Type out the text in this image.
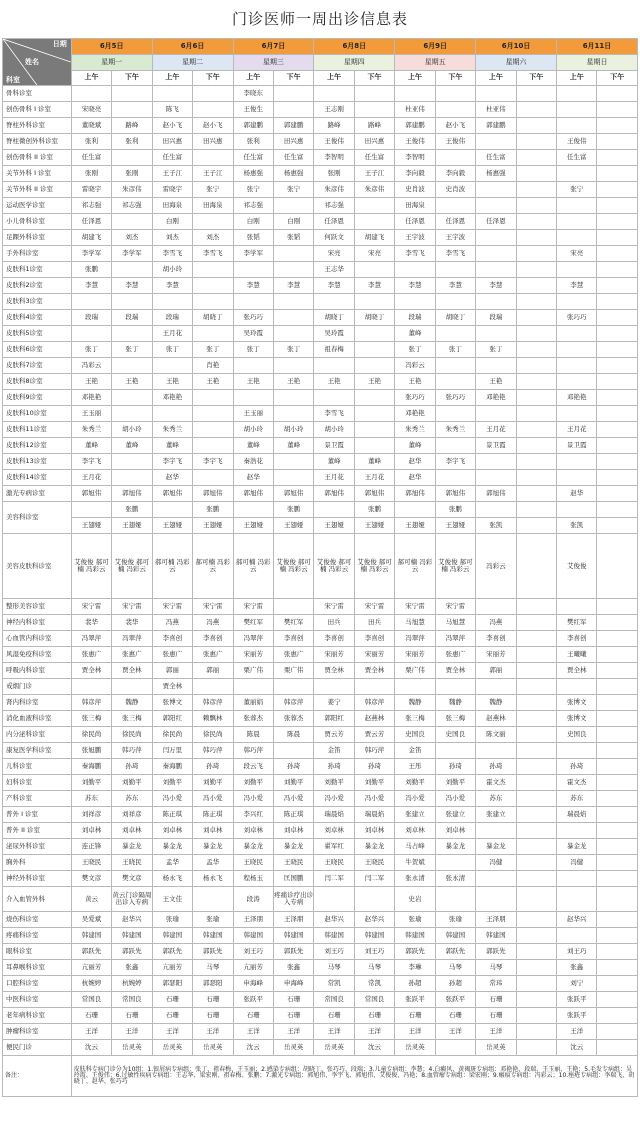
门诊医师一周出诊信息表
日期
姓名
科室	6月5日		6月6日		6月7日		6月8日		6月9日		6月10日		6月11日	
	星期一		星期二		星期三		星期四		星期五		星期六		星期日	
	上午	下午	上午	下午	上午	下午	上午	下午	上午	下午	上午	下午	上午	下午
骨科诊室					李晓东									
创伤骨科 I 诊室	宋晓亮		陈飞		王俊生		王志刚		杜亚伟		杜亚伟			
脊柱外科诊室	董晓斌	路峰	赵小飞	赵小飞	郭建鹏	郭建鹏	路峰	路峰	郭建鹏	赵小飞	郭建鹏			
脊柱微创外科诊室	张利	张利	田兴惠	田兴惠	张利	田兴惠	王俊伟	田兴惠	王俊伟	王俊伟			王俊伟	
创伤骨科 II 诊室	任生富		任生富		任生富	任生富	李智明	任生富	李智明		任生富		任生富	
关节外科 I 诊室	张刚	张刚	王子江	王子江	杨惠强	杨惠强	张刚	王子江	李向毅	李向毅	杨惠强			
关节外科 II 诊室	雷晓宇	朱彦伟	雷晓宇	张宁	张宁	张宁	朱彦伟	朱彦伟	史肖波	史肖波			张宁	
运动医学诊室	祁志强	祁志强	田海泉	田海泉	祁志强		祁志强		田海泉					
小儿骨科诊室	任泽恩		白刚		白刚	白刚	任泽恩		任泽恩	任泽恩	任泽恩			
足踝外科诊室	胡建飞	刘杰	刘杰	刘杰	张韬	张韬	何跃文	胡建飞	王宇波	王宇波				
手外科诊室	李学军	李学军	李雪飞	李雪飞	李学军		宋亮	宋亮	李雪飞	李雪飞			宋亮	
皮肤科1诊室	张鹏		胡小玲				王志华							
皮肤科2诊室	李慧	李慧	李慧		李慧	李慧	李慧	李慧	李慧	李慧	李慧		李慧	
皮肤科3诊室														
皮肤科4诊室	段瑞	段瑞	段瑞	胡晓丁	张巧巧		胡晓丁	胡晓丁	段瑞	胡晓丁	段瑞		张巧巧	
皮肤科5诊室			王月花		吴玲霞		吴玲霞		董峰					
皮肤科6诊室	张丁	张丁	张丁	张丁	张丁	张丁	祖春梅		张丁	张丁	张丁			
皮肤科7诊室	冯彩云			肖艳					冯彩云					
皮肤科8诊室	王艳	王艳	王艳	王艳	王艳	王艳	王艳	王艳	王艳		王艳			
皮肤科9诊室	邓艳艳		邓艳艳						张巧巧	张巧巧	邓艳艳		邓艳艳	
皮肤科10诊室	王玉丽				王玉丽		李雪飞		邓艳艳					
皮肤科11诊室	朱秀兰	胡小玲	朱秀兰		胡小玲	胡小玲	胡小玲		朱秀兰	朱秀兰	王月花		王月花	
皮肤科12诊室	董峰	董峰	董峰		董峰	董峰	景卫霞		董峰		景卫霞		景卫霞	
皮肤科13诊室	李宇飞		李宇飞	李宇飞	秦浩花		董峰	董峰	赵华	李宇飞				
皮肤科14诊室	王月花		赵华		赵华		王月花	王月花	赵华					
激光专病诊室	郭旭伟	郭旭伟	郭旭伟	郭旭伟	郭旭伟	郭旭伟	郭旭伟	郭旭伟	郭旭伟	郭旭伟	郭旭伟		赵华	
美容科诊室		张鹏		张鹏		张鹏		张鹏		张鹏				
	王翅娅	王翅娅	王翅娅	王翅娅	王翅娅	王翅娅	王翅娅	王翅娅	王翅娅	王翅娅	张凯		张凯	
美容皮肤科诊室	艾俊俊 郝可楠 冯彩云	艾俊俊 郝可楠 冯彩云	郝可楠 冯彩云	郝可楠 冯彩云	郝可楠 冯彩云	艾俊俊 郝可楠 冯彩云	艾俊俊 郝可楠 冯彩云	艾俊俊 郝可楠 冯彩云	郝可楠 冯彩云	艾俊俊 郝可楠 冯彩云	冯彩云		艾俊俊	
整形美容诊室	宋宁雷	宋宁雷	宋宁雷	宋宁雷	宋宁雷		宋宁雷	宋宁雷	宋宁雷	宋宁雷				
神经内科诊室	裴华	裴华	冯燕	冯燕	樊红军	樊红军	田兵	田兵	马旭慧	马旭慧	冯燕		樊红军	
心血管内科诊室	冯翠萍	冯翠萍	李喜创	李喜创	冯翠萍	李喜创	李喜创	李喜创	冯翠萍	冯翠萍	李喜创		李喜创	
风湿免疫科诊室	张惠广	张惠广	张惠广	张惠广	宋丽芳	张惠广	宋丽芳	宋丽芳	宋丽芳	张惠广	宋丽芳		王曦曦	
呼吸内科诊室	贾全林	贾全林	郭丽	郭丽	栗广伟	栗广伟	贾全林	贾全林	栗广伟	贾全林	郭丽		贾全林	
戒烟门诊			贾全林											
肾内科诊室	韩彦萍	魏静	张博文	韩彦萍	董丽娟	韩彦萍	姜宁	韩彦萍	魏静	魏静	魏静		张博文	
消化血液科诊室	张三梅	张三梅	郭阳红	赖飘林	张蓉杰	张蓉杰	郭阳红	赵燕林	张三梅	张三梅	赵燕林		张博文	
内分泌科诊室	徐民尚	徐民尚	徐民尚	徐民尚	陈晨	陈晨	贾云芳	贾云芳	史国良	史国良	陈文丽		史国良	
康复医学科诊室	张旭鹏	韩巧萍	闫万里	韩巧萍	韩巧萍		金笛	韩巧萍	金笛					
儿科诊室	秦海鹏	孙琦	秦海鹏	孙琦	段云飞	孙琦	孙琦	孙琦	王彤	孙琦	孙琦		孙琦	
妇科诊室	刘勤平	刘勤平	刘勤平	刘勤平	刘勤平	刘勤平	刘勤平	刘勤平	刘勤平	刘勤平	霍文杰		霍文杰	
产科诊室	苏东	苏东	冯小爱	冯小爱	冯小爱	冯小爱	冯小爱	冯小爱	冯小爱	冯小爱	苏东		苏东	
普外 I 诊室	刘祥彦	刘祥彦	陈正琪	陈正琪	李兴红	陈正琪	瑞晨焰	瑞晨焰	张建立	张建立	张建立		瑞晨焰	
普外 II 诊室	刘卓林	刘卓林	刘卓林	刘卓林	刘卓林	刘卓林	刘卓林	刘卓林	刘卓林	刘卓林				
泌尿外科诊室	连正锋	暴金龙	暴金龙	暴金龙	暴金龙	暴金龙	翟军红	暴金龙	马占峰	暴金龙	暴金龙		暴金龙	
胸外科	王晓民	王晓民	孟华	孟华	王晓民	王晓民	王晓民	王晓民	牛贺斌		冯健		冯健	
神经外科诊室	樊文彦	樊文彦	杨永飞	杨永飞	程杨玉	匡国鹏	闫二军	闫二军	张永清	张永清				
介入血管外科	黄云	黄云门诊隔周出诊入专病	王文佳		段涛	疼痛诊疗出诊入专病			史岩					
烧伤科诊室	吴爱斌	赵华兴	张瑜	张瑜	王泽朋	王泽朋	赵华兴	赵华兴	张瑜	张瑜	王泽朋		赵华兴	
疼痛科诊室	韩建国	韩建国	韩建国	韩建国	韩建国	韩建国	韩建国	韩建国	韩建国	韩建国	韩建国			
眼科诊室	郭跃先	郭跃先	郭跃先	郭跃先	刘王巧	郭跃先	刘王巧	刘王巧	郭跃先	郭跃先	郭跃先		刘王巧	
耳鼻喉科诊室	亢丽芳	张鑫	亢丽芳	马琴	亢丽芳	张鑫	马琴	马琴	李琳	马琴	马琴		张鑫	
口腔科诊室	杭婉婷	杭婉婷	郭瑟阳	郭瑟阳	申海峰	申海峰	常凯	常凯	孙超	孙超	常玮		刘宁	
中医科诊室	常国良	常国良	石珊	石珊	张跃平	石珊	常国良	常国良	张跃平	张跃平	石珊		张跃平	
老年病科诊室	石珊	石珊	石珊	石珊	石珊	石珊	石珊	石珊	石珊	石珊	石珊		张跃平	
肿瘤科诊室	王洋	王洋	王洋	王洋	王洋	王洋	王洋	王洋	王洋	王洋	王洋		王洋	
便民门诊	沈云	岳灵英	岳灵英	岳灵英	沈云	岳灵英	岳灵英	沈云	岳灵英		岳灵英		沈云	
备注：	皮肤科专病门诊分为10组：1.银屑病专病组：张丁、祖春梅、王玉丽；2.感染专病组：胡晓丁、张巧巧、段瑞；3.儿童专病组：李慧；4.白癜风、黄褐斑专病组：邓艳艳、段瑞、王玉丽、王艳；5.毛发专病组：吴玲霞、王俊伟；6.过敏性疾病专病组：王志华、梁宏刚、祖春梅、张鹏；7.激光专病组：郭旭伟、李宇飞、郭旭伟、艾俊俊、冯艳；8.血管瘤专病组：梁宏刚；9.瘢痕专病组：冯彩云；10.痤疮专病组：李瑞飞、胡晓丁、赵华、张巧巧													
